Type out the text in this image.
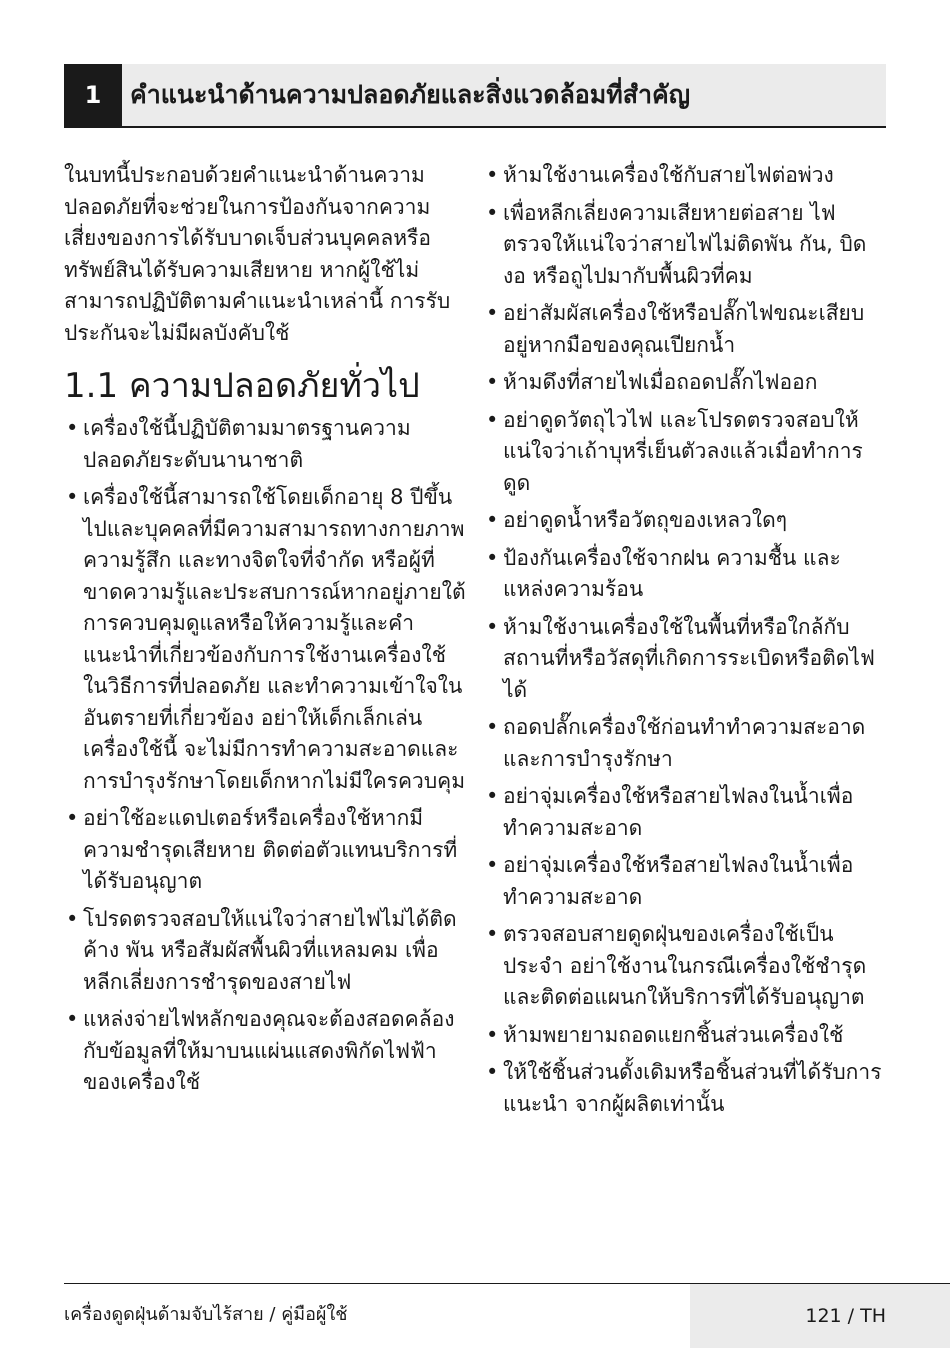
1	คำแนะนำด้านความปลอดภัยและสิ่งแวดล้อมที่สำคัญ

ในบทนี้ประกอบด้วยคำแนะนำด้านความปลอดภัยที่จะช่วยในการป้องกันจากความเสี่ยงของการได้รับบาดเจ็บส่วนบุคคลหรือทรัพย์สินได้รับความเสียหาย หากผู้ใช้ไม่สามารถปฏิบัติตามคำแนะนำเหล่านี้ การรับประกันจะไม่มีผลบังคับใช้

1.1 ความปลอดภัยทั่วไป
• เครื่องใช้นี้ปฏิบัติตามมาตรฐานความปลอดภัยระดับนานาชาติ
• เครื่องใช้นี้สามารถใช้โดยเด็กอายุ 8 ปีขึ้นไปและบุคคลที่มีความสามารถทางกายภาพ ความรู้สึก และทางจิตใจที่จำกัด หรือผู้ที่ขาดความรู้และประสบการณ์หากอยู่ภายใต้การควบคุมดูแลหรือให้ความรู้และคำแนะนำที่เกี่ยวข้องกับการใช้งานเครื่องใช้ในวิธีการที่ปลอดภัย และทำความเข้าใจในอันตรายที่เกี่ยวข้อง อย่าให้เด็กเล็กเล่นเครื่องใช้นี้ จะไม่มีการทำความสะอาดและการบำรุงรักษาโดยเด็กหากไม่มีใครควบคุม
• อย่าใช้อะแดปเตอร์หรือเครื่องใช้หากมีความชำรุดเสียหาย ติดต่อตัวแทนบริการที่ได้รับอนุญาต
• โปรดตรวจสอบให้แน่ใจว่าสายไฟไม่ได้ติดค้าง พัน หรือสัมผัสพื้นผิวที่แหลมคม เพื่อหลีกเลี่ยงการชำรุดของสายไฟ
• แหล่งจ่ายไฟหลักของคุณจะต้องสอดคล้องกับข้อมูลที่ให้มาบนแผ่นแสดงพิกัดไฟฟ้าของเครื่องใช้
• ห้ามใช้งานเครื่องใช้กับสายไฟต่อพ่วง
• เพื่อหลีกเลี่ยงความเสียหายต่อสาย ไฟ ตรวจให้แน่ใจว่าสายไฟไม่ติดพัน กัน, บิดงอ หรือถูไปมากับพื้นผิวที่คม
• อย่าสัมผัสเครื่องใช้หรือปลั๊กไฟขณะเสียบอยู่หากมือของคุณเปียกน้ำ
• ห้ามดึงที่สายไฟเมื่อถอดปลั๊กไฟออก
• อย่าดูดวัตถุไวไฟ และโปรดตรวจสอบให้แน่ใจว่าเถ้าบุหรี่เย็นตัวลงแล้วเมื่อทำการดูด
• อย่าดูดน้ำหรือวัตถุของเหลวใดๆ
• ป้องกันเครื่องใช้จากฝน ความชื้น และแหล่งความร้อน
• ห้ามใช้งานเครื่องใช้ในพื้นที่หรือใกล้กับสถานที่หรือวัสดุที่เกิดการระเบิดหรือติดไฟได้
• ถอดปลั๊กเครื่องใช้ก่อนทำทำความสะอาดและการบำรุงรักษา
• อย่าจุ่มเครื่องใช้หรือสายไฟลงในน้ำเพื่อทำความสะอาด
• อย่าจุ่มเครื่องใช้หรือสายไฟลงในน้ำเพื่อทำความสะอาด
• ตรวจสอบสายดูดฝุ่นของเครื่องใช้เป็นประจำ อย่าใช้งานในกรณีเครื่องใช้ชำรุด และติดต่อแผนกให้บริการที่ได้รับอนุญาต
• ห้ามพยายามถอดแยกชิ้นส่วนเครื่องใช้
• ให้ใช้ชิ้นส่วนดั้งเดิมหรือชิ้นส่วนที่ได้รับการแนะนำ จากผู้ผลิตเท่านั้น
เครื่องดูดฝุ่นด้ามจับไร้สาย / คู่มือผู้ใช้	121 / TH
